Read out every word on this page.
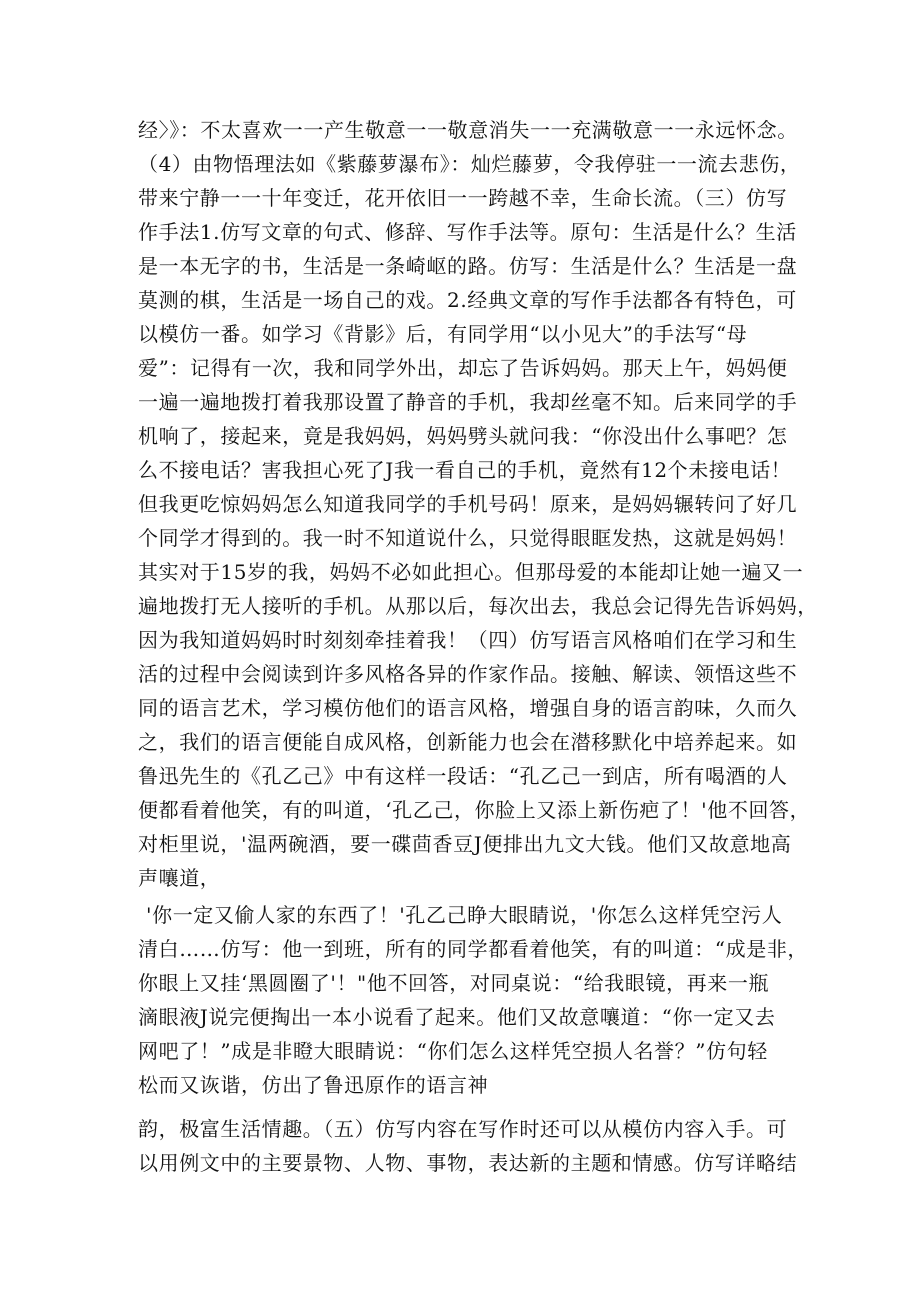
经〉》：不太喜欢一一产生敬意一一敬意消失一一充满敬意一一永远怀念。
（4）由物悟理法如《紫藤萝瀑布》：灿烂藤萝，令我停驻一一流去悲伤，
带来宁静一一十年变迁，花开依旧一一跨越不幸，生命长流。（三）仿写
作手法1.仿写文章的句式、修辞、写作手法等。原句：生活是什么？生活
是一本无字的书，生活是一条崎岖的路。仿写：生活是什么？生活是一盘
莫测的棋，生活是一场自己的戏。2.经典文章的写作手法都各有特色，可
以模仿一番。如学习《背影》后，有同学用“以小见大”的手法写“母
爱”：记得有一次，我和同学外出，却忘了告诉妈妈。那天上午，妈妈便
一遍一遍地拨打着我那设置了静音的手机，我却丝毫不知。后来同学的手
机响了，接起来，竟是我妈妈，妈妈劈头就问我：“你没出什么事吧？怎
么不接电话？害我担心死了J我一看自己的手机，竟然有12个未接电话！
但我更吃惊妈妈怎么知道我同学的手机号码！原来，是妈妈辗转问了好几
个同学才得到的。我一时不知道说什么，只觉得眼眶发热，这就是妈妈！
其实对于15岁的我，妈妈不必如此担心。但那母爱的本能却让她一遍又一
遍地拨打无人接听的手机。从那以后，每次出去，我总会记得先告诉妈妈，
因为我知道妈妈时时刻刻牵挂着我！（四）仿写语言风格咱们在学习和生
活的过程中会阅读到许多风格各异的作家作品。接触、解读、领悟这些不
同的语言艺术，学习模仿他们的语言风格，增强自身的语言韵味，久而久
之，我们的语言便能自成风格，创新能力也会在潜移默化中培养起来。如
鲁迅先生的《孔乙己》中有这样一段话：“孔乙己一到店，所有喝酒的人
便都看着他笑，有的叫道，‘孔乙己，你脸上又添上新伤疤了！'他不回答，
对柜里说，'温两碗酒，要一碟茴香豆J便排出九文大钱。他们又故意地高
声嚷道，
'你一定又偷人家的东西了！'孔乙己睁大眼睛说，'你怎么这样凭空污人
清白……仿写：他一到班，所有的同学都看着他笑，有的叫道：“成是非，
你眼上又挂‘黑圆圈了'！"他不回答，对同桌说：“给我眼镜，再来一瓶
滴眼液J说完便掏出一本小说看了起来。他们又故意嚷道：“你一定又去
网吧了！”成是非瞪大眼睛说：“你们怎么这样凭空损人名誉？”仿句轻
松而又诙谐，仿出了鲁迅原作的语言神
韵，极富生活情趣。（五）仿写内容在写作时还可以从模仿内容入手。可
以用例文中的主要景物、人物、事物，表达新的主题和情感。仿写详略结
